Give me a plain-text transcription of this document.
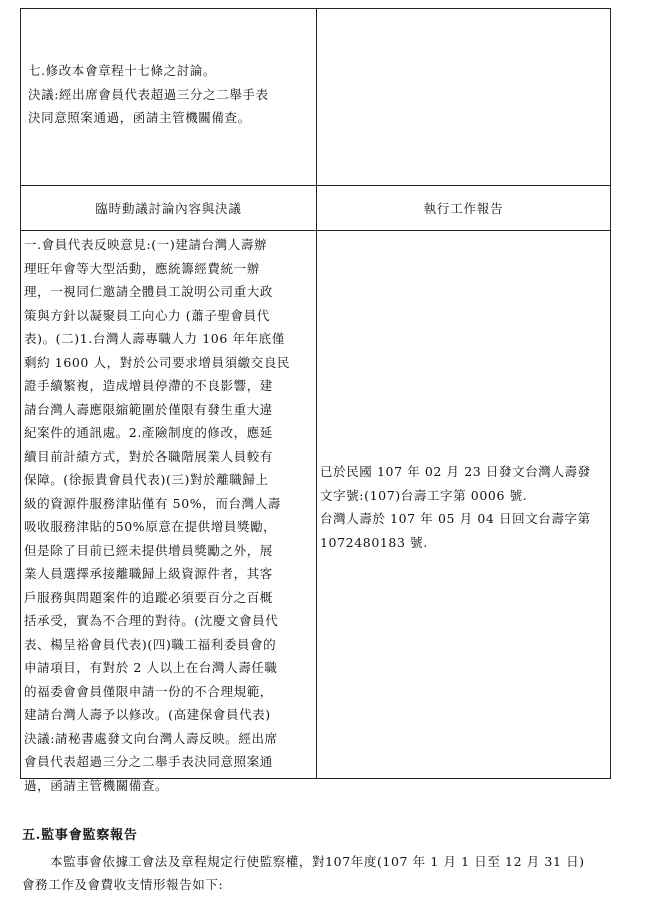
七.修改本會章程十七條之討論。
決議:經出席會員代表超過三分之二舉手表
決同意照案通過，函請主管機關備查。
臨時動議討論內容與決議	執行工作報告
一.會員代表反映意見:(一)建請台灣人壽辦
理旺年會等大型活動，應統籌經費統一辦
理，一視同仁邀請全體員工說明公司重大政
策與方針以凝聚員工向心力 (蕭子聖會員代
表)。(二)1.台灣人壽專職人力 106 年年底僅
剩約 1600 人，對於公司要求增員須繳交良民
證手續繁複，造成增員停滯的不良影響，建
請台灣人壽應限縮範圍於僅限有發生重大違
紀案件的通訊處。2.產險制度的修改，應延
續目前計績方式，對於各職階展業人員較有
保障。(徐振貴會員代表)(三)對於離職歸上
級的資源件服務津貼僅有 50%，而台灣人壽
吸收服務津貼的50%原意在提供增員獎勵，
但是除了目前已經未提供增員獎勵之外，展
業人員選擇承接離職歸上級資源件者，其客
戶服務與問題案件的追蹤必須要百分之百概
括承受，實為不合理的對待。(沈慶文會員代
表、楊呈裕會員代表)(四)職工福利委員會的
申請項目，有對於 2 人以上在台灣人壽任職
的福委會會員僅限申請一份的不合理規範，
建請台灣人壽予以修改。(高建保會員代表)
決議:請秘書處發文向台灣人壽反映。經出席
會員代表超過三分之二舉手表決同意照案通
過，函請主管機關備查。
已於民國 107 年 02 月 23 日發文台灣人壽發
文字號:(107)台壽工字第 0006 號.
台灣人壽於 107 年 05 月 04 日回文台壽字第
1072480183 號.
五.監事會監察報告
本監事會依據工會法及章程規定行使監察權，對107年度(107 年 1 月 1 日至 12 月 31 日)
會務工作及會費收支情形報告如下:
